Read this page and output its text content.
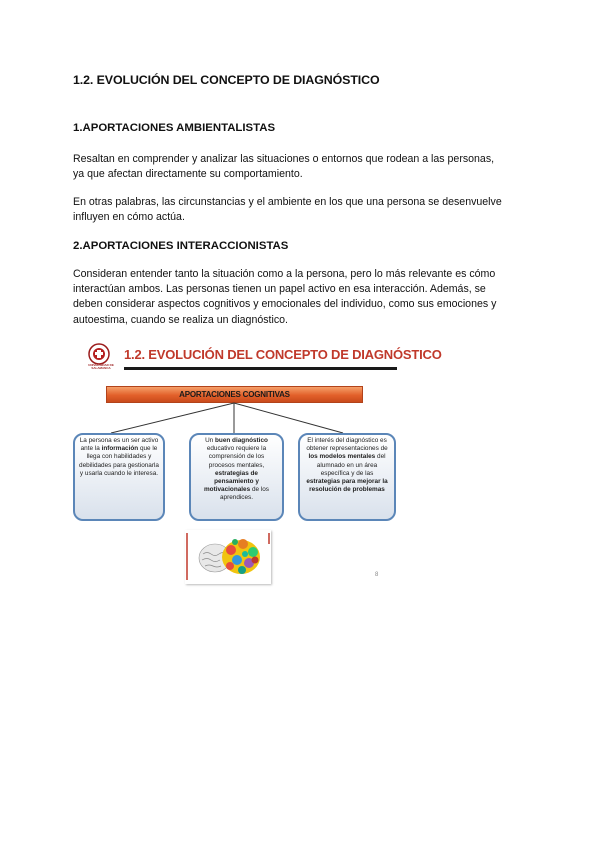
1.2. EVOLUCIÓN DEL CONCEPTO DE DIAGNÓSTICO
1.APORTACIONES AMBIENTALISTAS
Resaltan en comprender y analizar las situaciones o entornos que rodean a las personas,
ya que afectan directamente su comportamiento.
En otras palabras, las circunstancias y el ambiente en los que una persona se desenvuelve
influyen en cómo actúa.
2.APORTACIONES INTERACCIONISTAS
Consideran entender tanto la situación como a la persona, pero lo más relevante es cómo
interactúan ambos. Las personas tienen un papel activo en esa interacción. Además, se
deben considerar aspectos cognitivos y emocionales del individuo, como sus emociones y
autoestima, cuando se realiza un diagnóstico.
UNIVERSIDAD DE SALAMANCA
1.2. EVOLUCIÓN DEL CONCEPTO DE DIAGNÓSTICO
APORTACIONES COGNITIVAS
La persona es un ser activo ante la información que le llega con habilidades y debilidades para gestionarla y usarla cuando le interesa.
Un buen diagnóstico educativo requiere la comprensión de los procesos mentales, estrategias de pensamiento y motivacionales de los aprendices.
El interés del diagnóstico es obtener representaciones de los modelos mentales del alumnado en un área específica y de las estrategias para mejorar la resolución de problemas
8
